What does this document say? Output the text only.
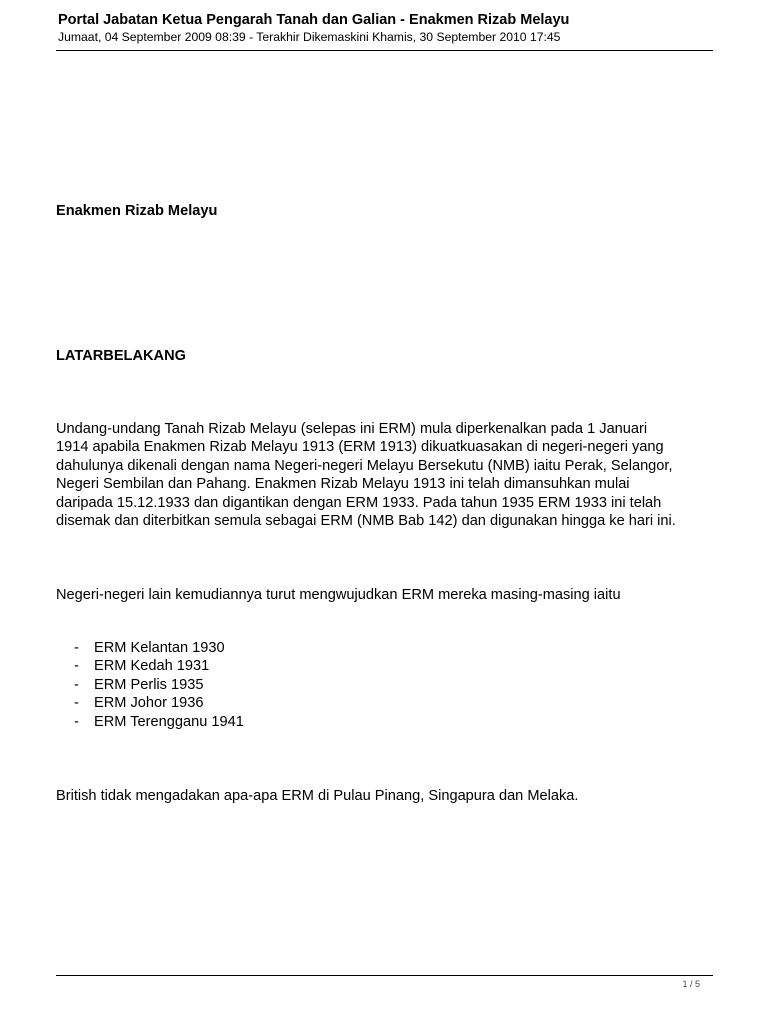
Portal Jabatan Ketua Pengarah Tanah dan Galian - Enakmen Rizab Melayu
Jumaat, 04 September 2009 08:39 - Terakhir Dikemaskini Khamis, 30 September 2010 17:45
Enakmen Rizab Melayu
LATARBELAKANG
Undang-undang Tanah Rizab Melayu (selepas ini ERM) mula diperkenalkan pada 1 Januari
1914 apabila Enakmen Rizab Melayu 1913 (ERM 1913) dikuatkuasakan di negeri-negeri yang
dahulunya dikenali dengan nama Negeri-negeri Melayu Bersekutu (NMB) iaitu Perak, Selangor,
Negeri Sembilan dan Pahang. Enakmen Rizab Melayu 1913 ini telah dimansuhkan mulai
daripada 15.12.1933 dan digantikan dengan ERM 1933. Pada tahun 1935 ERM 1933 ini telah
disemak dan diterbitkan semula sebagai ERM (NMB Bab 142) dan digunakan hingga ke hari ini.
Negeri-negeri lain kemudiannya turut mengwujudkan ERM mereka masing-masing iaitu
-	ERM Kelantan 1930
-	ERM Kedah 1931
-	ERM Perlis 1935
-	ERM Johor 1936
-	ERM Terengganu 1941
British tidak mengadakan apa-apa ERM di Pulau Pinang, Singapura dan Melaka.
1 / 5
